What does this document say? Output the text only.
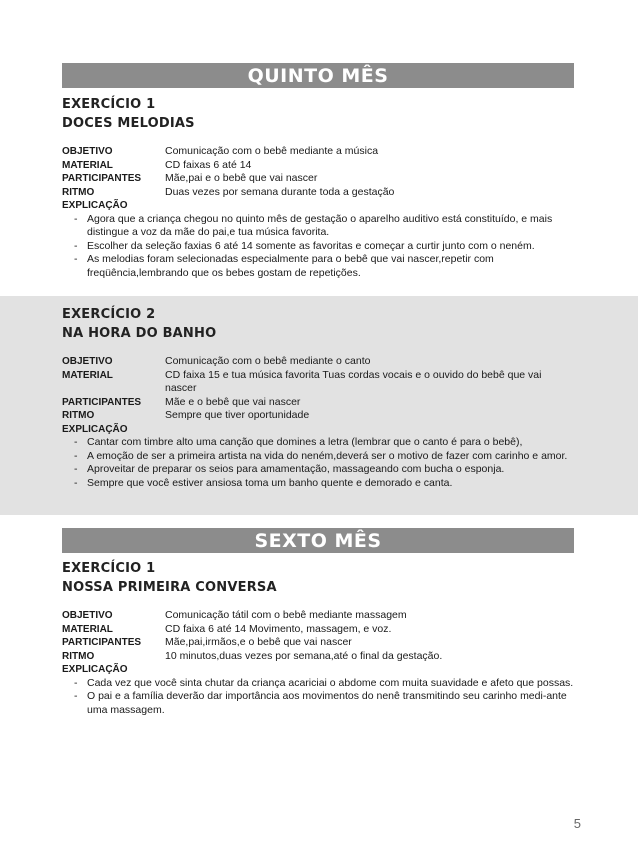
QUINTO MÊS
EXERCÍCIO 1
DOCES MELODIAS
OBJETIVO	Comunicação com o bebê mediante a música
MATERIAL	CD faixas 6 até 14
PARTICIPANTES Mãe,pai e o bebê que vai nascer
RITMO	Duas vezes por semana durante toda a gestação
EXPLICAÇÃO
- Agora que a criança chegou no quinto mês de gestação o aparelho auditivo está constituído, e mais distingue a voz da mãe do pai,e tua música favorita.
- Escolher da seleção faxias 6 até 14 somente as favoritas e começar a curtir junto com o neném.
- As melodias foram selecionadas especialmente para o bebê que vai nascer,repetir com freqüência,lembrando que os bebes gostam de repetições.
EXERCÍCIO 2
NA HORA DO BANHO
OBJETIVO	Comunicação com o bebê mediante o canto
MATERIAL	CD faixa 15 e tua música favorita Tuas cordas vocais e o ouvido do bebê que vai nascer
PARTICIPANTES Mãe e o bebê que vai nascer
RITMO	Sempre que tiver oportunidade
EXPLICAÇÃO
- Cantar com timbre alto uma canção que domines a letra (lembrar que o canto é para o bebê),
- A emoção de ser a primeira artista na vida do neném,deverá ser o motivo de fazer com carinho e amor.
- Aproveitar de preparar os seios para amamentação, massageando com bucha o esponja.
- Sempre que você estiver ansiosa toma um banho quente e demorado e canta.
SEXTO MÊS
EXERCÍCIO 1
NOSSA PRIMEIRA CONVERSA
OBJETIVO	Comunicação tátil com o bebê mediante massagem
MATERIAL	CD faixa 6 até 14 Movimento, massagem, e voz.
PARTICIPANTES Mãe,pai,irmãos,e o bebê que vai nascer
RITMO	10 minutos,duas vezes por semana,até o final da gestação.
EXPLICAÇÃO
- Cada vez que você sinta chutar da criança acariciai o abdome com muita suavidade e afeto que possas.
- O pai e a família deverão dar importância aos movimentos do nenê transmitindo seu carinho medi-ante uma massagem.
5
